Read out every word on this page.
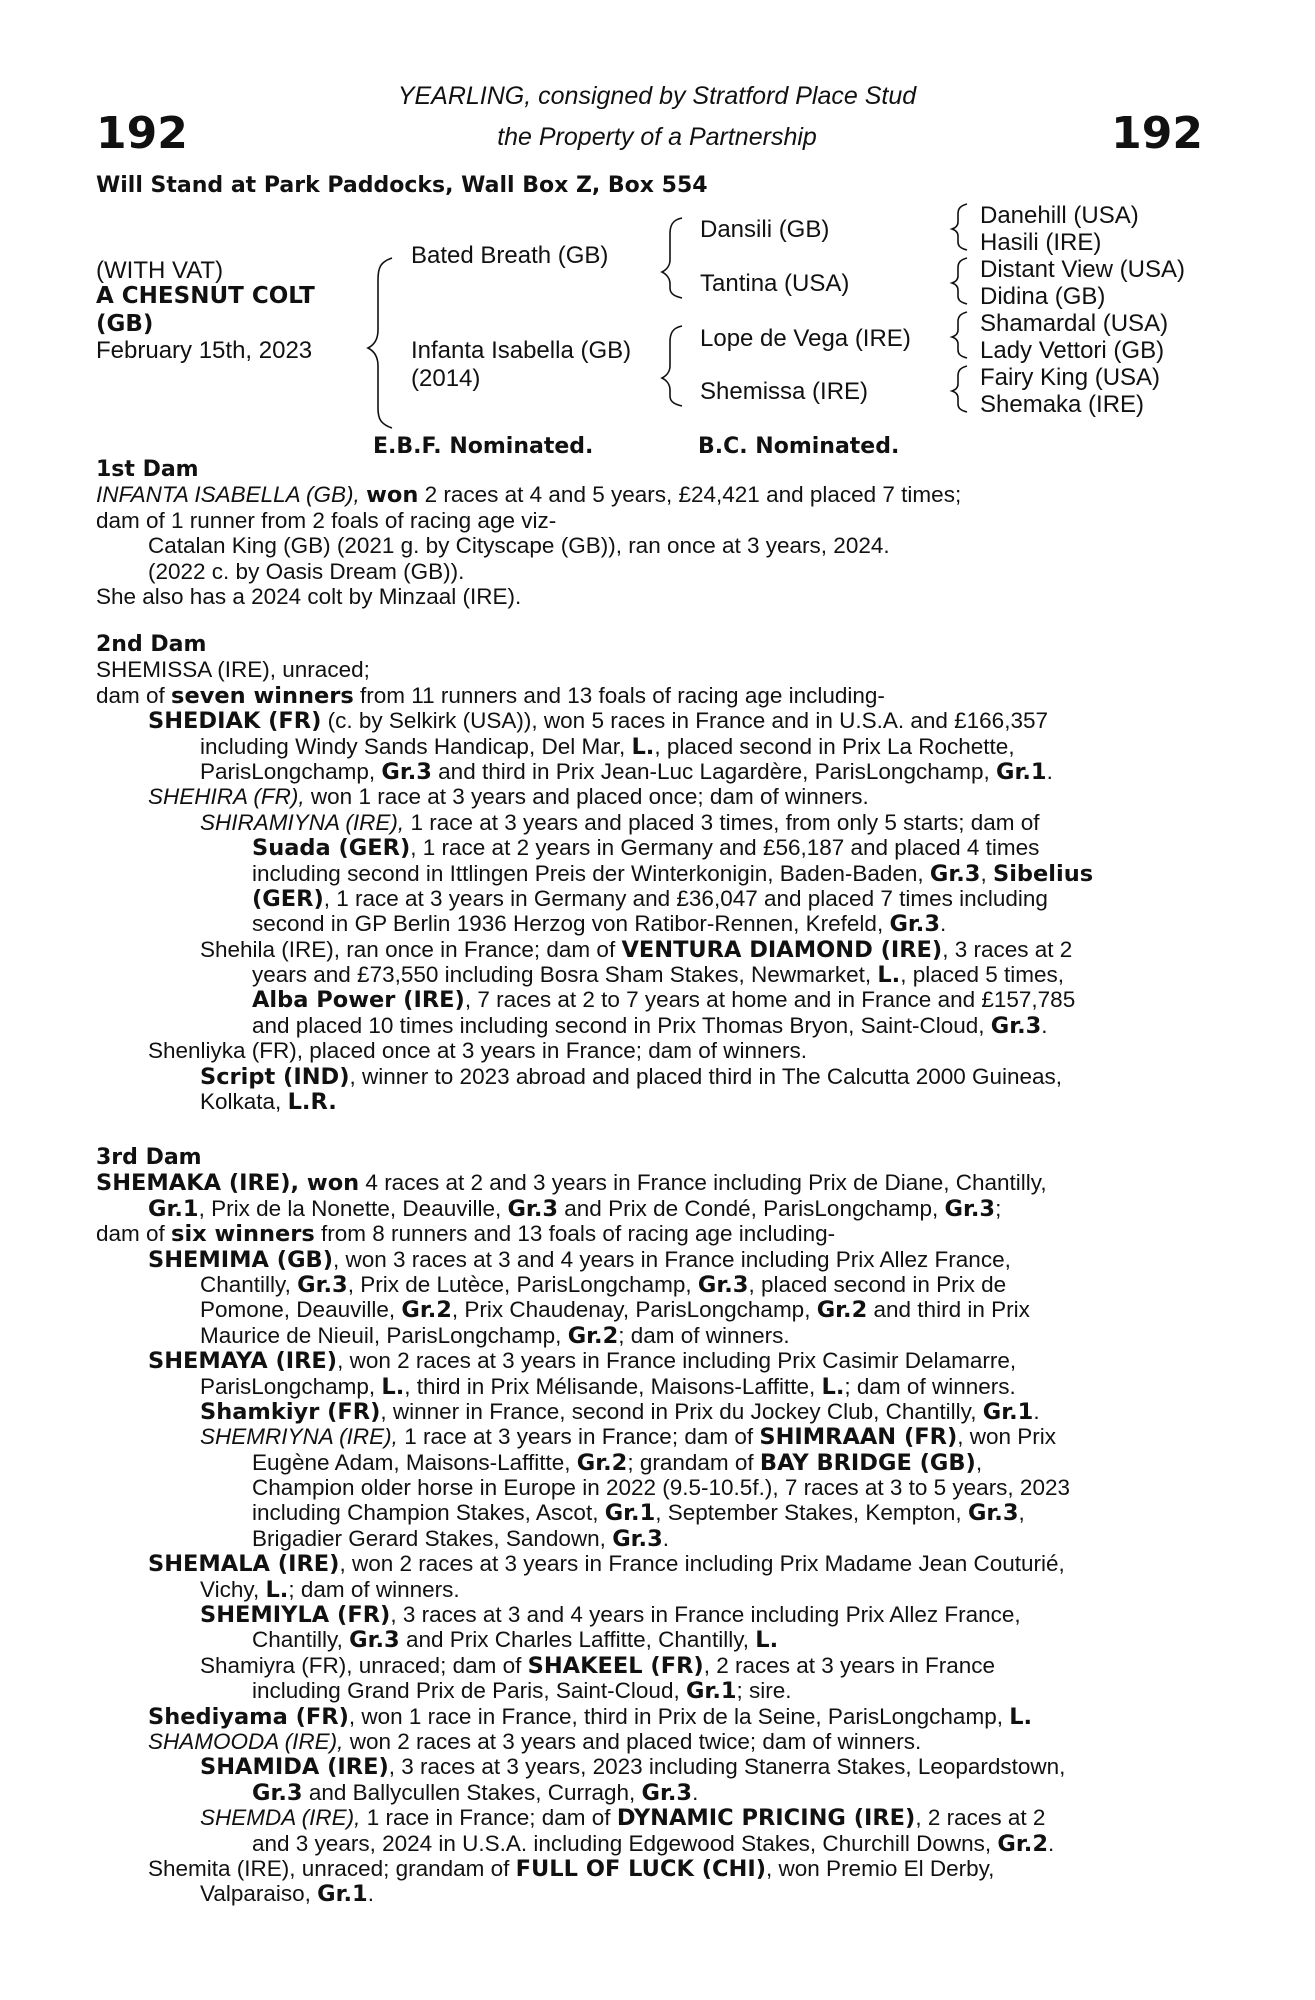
192	192
YEARLING, consigned by Stratford Place Stud
the Property of a Partnership
Will Stand at Park Paddocks, Wall Box Z, Box 554
(WITH VAT)
A CHESNUT COLT
(GB)
February 15th, 2023
Bated Breath (GB)
Infanta Isabella (GB)
(2014)
Dansili (GB)
Tantina (USA)
Lope de Vega (IRE)
Shemissa (IRE)
Danehill (USA)
Hasili (IRE)
Distant View (USA)
Didina (GB)
Shamardal (USA)
Lady Vettori (GB)
Fairy King (USA)
Shemaka (IRE)
E.B.F. Nominated.	B.C. Nominated.
1st Dam
INFANTA ISABELLA (GB), won 2 races at 4 and 5 years, £24,421 and placed 7 times;
dam of 1 runner from 2 foals of racing age viz-
Catalan King (GB) (2021 g. by Cityscape (GB)), ran once at 3 years, 2024.
(2022 c. by Oasis Dream (GB)).
She also has a 2024 colt by Minzaal (IRE).
2nd Dam
SHEMISSA (IRE), unraced;
dam of seven winners from 11 runners and 13 foals of racing age including-
SHEDIAK (FR) (c. by Selkirk (USA)), won 5 races in France and in U.S.A. and £166,357
including Windy Sands Handicap, Del Mar, L., placed second in Prix La Rochette,
ParisLongchamp, Gr.3 and third in Prix Jean-Luc Lagardère, ParisLongchamp, Gr.1.
SHEHIRA (FR), won 1 race at 3 years and placed once; dam of winners.
SHIRAMIYNA (IRE), 1 race at 3 years and placed 3 times, from only 5 starts; dam of
Suada (GER), 1 race at 2 years in Germany and £56,187 and placed 4 times
including second in Ittlingen Preis der Winterkonigin, Baden-Baden, Gr.3, Sibelius
(GER), 1 race at 3 years in Germany and £36,047 and placed 7 times including
second in GP Berlin 1936 Herzog von Ratibor-Rennen, Krefeld, Gr.3.
Shehila (IRE), ran once in France; dam of VENTURA DIAMOND (IRE), 3 races at 2
years and £73,550 including Bosra Sham Stakes, Newmarket, L., placed 5 times,
Alba Power (IRE), 7 races at 2 to 7 years at home and in France and £157,785
and placed 10 times including second in Prix Thomas Bryon, Saint-Cloud, Gr.3.
Shenliyka (FR), placed once at 3 years in France; dam of winners.
Script (IND), winner to 2023 abroad and placed third in The Calcutta 2000 Guineas,
Kolkata, L.R.
3rd Dam
SHEMAKA (IRE), won 4 races at 2 and 3 years in France including Prix de Diane, Chantilly,
Gr.1, Prix de la Nonette, Deauville, Gr.3 and Prix de Condé, ParisLongchamp, Gr.3;
dam of six winners from 8 runners and 13 foals of racing age including-
SHEMIMA (GB), won 3 races at 3 and 4 years in France including Prix Allez France,
Chantilly, Gr.3, Prix de Lutèce, ParisLongchamp, Gr.3, placed second in Prix de
Pomone, Deauville, Gr.2, Prix Chaudenay, ParisLongchamp, Gr.2 and third in Prix
Maurice de Nieuil, ParisLongchamp, Gr.2; dam of winners.
SHEMAYA (IRE), won 2 races at 3 years in France including Prix Casimir Delamarre,
ParisLongchamp, L., third in Prix Mélisande, Maisons-Laffitte, L.; dam of winners.
Shamkiyr (FR), winner in France, second in Prix du Jockey Club, Chantilly, Gr.1.
SHEMRIYNA (IRE), 1 race at 3 years in France; dam of SHIMRAAN (FR), won Prix
Eugène Adam, Maisons-Laffitte, Gr.2; grandam of BAY BRIDGE (GB),
Champion older horse in Europe in 2022 (9.5-10.5f.), 7 races at 3 to 5 years, 2023
including Champion Stakes, Ascot, Gr.1, September Stakes, Kempton, Gr.3,
Brigadier Gerard Stakes, Sandown, Gr.3.
SHEMALA (IRE), won 2 races at 3 years in France including Prix Madame Jean Couturié,
Vichy, L.; dam of winners.
SHEMIYLA (FR), 3 races at 3 and 4 years in France including Prix Allez France,
Chantilly, Gr.3 and Prix Charles Laffitte, Chantilly, L.
Shamiyra (FR), unraced; dam of SHAKEEL (FR), 2 races at 3 years in France
including Grand Prix de Paris, Saint-Cloud, Gr.1; sire.
Shediyama (FR), won 1 race in France, third in Prix de la Seine, ParisLongchamp, L.
SHAMOODA (IRE), won 2 races at 3 years and placed twice; dam of winners.
SHAMIDA (IRE), 3 races at 3 years, 2023 including Stanerra Stakes, Leopardstown,
Gr.3 and Ballycullen Stakes, Curragh, Gr.3.
SHEMDA (IRE), 1 race in France; dam of DYNAMIC PRICING (IRE), 2 races at 2
and 3 years, 2024 in U.S.A. including Edgewood Stakes, Churchill Downs, Gr.2.
Shemita (IRE), unraced; grandam of FULL OF LUCK (CHI), won Premio El Derby,
Valparaiso, Gr.1.
